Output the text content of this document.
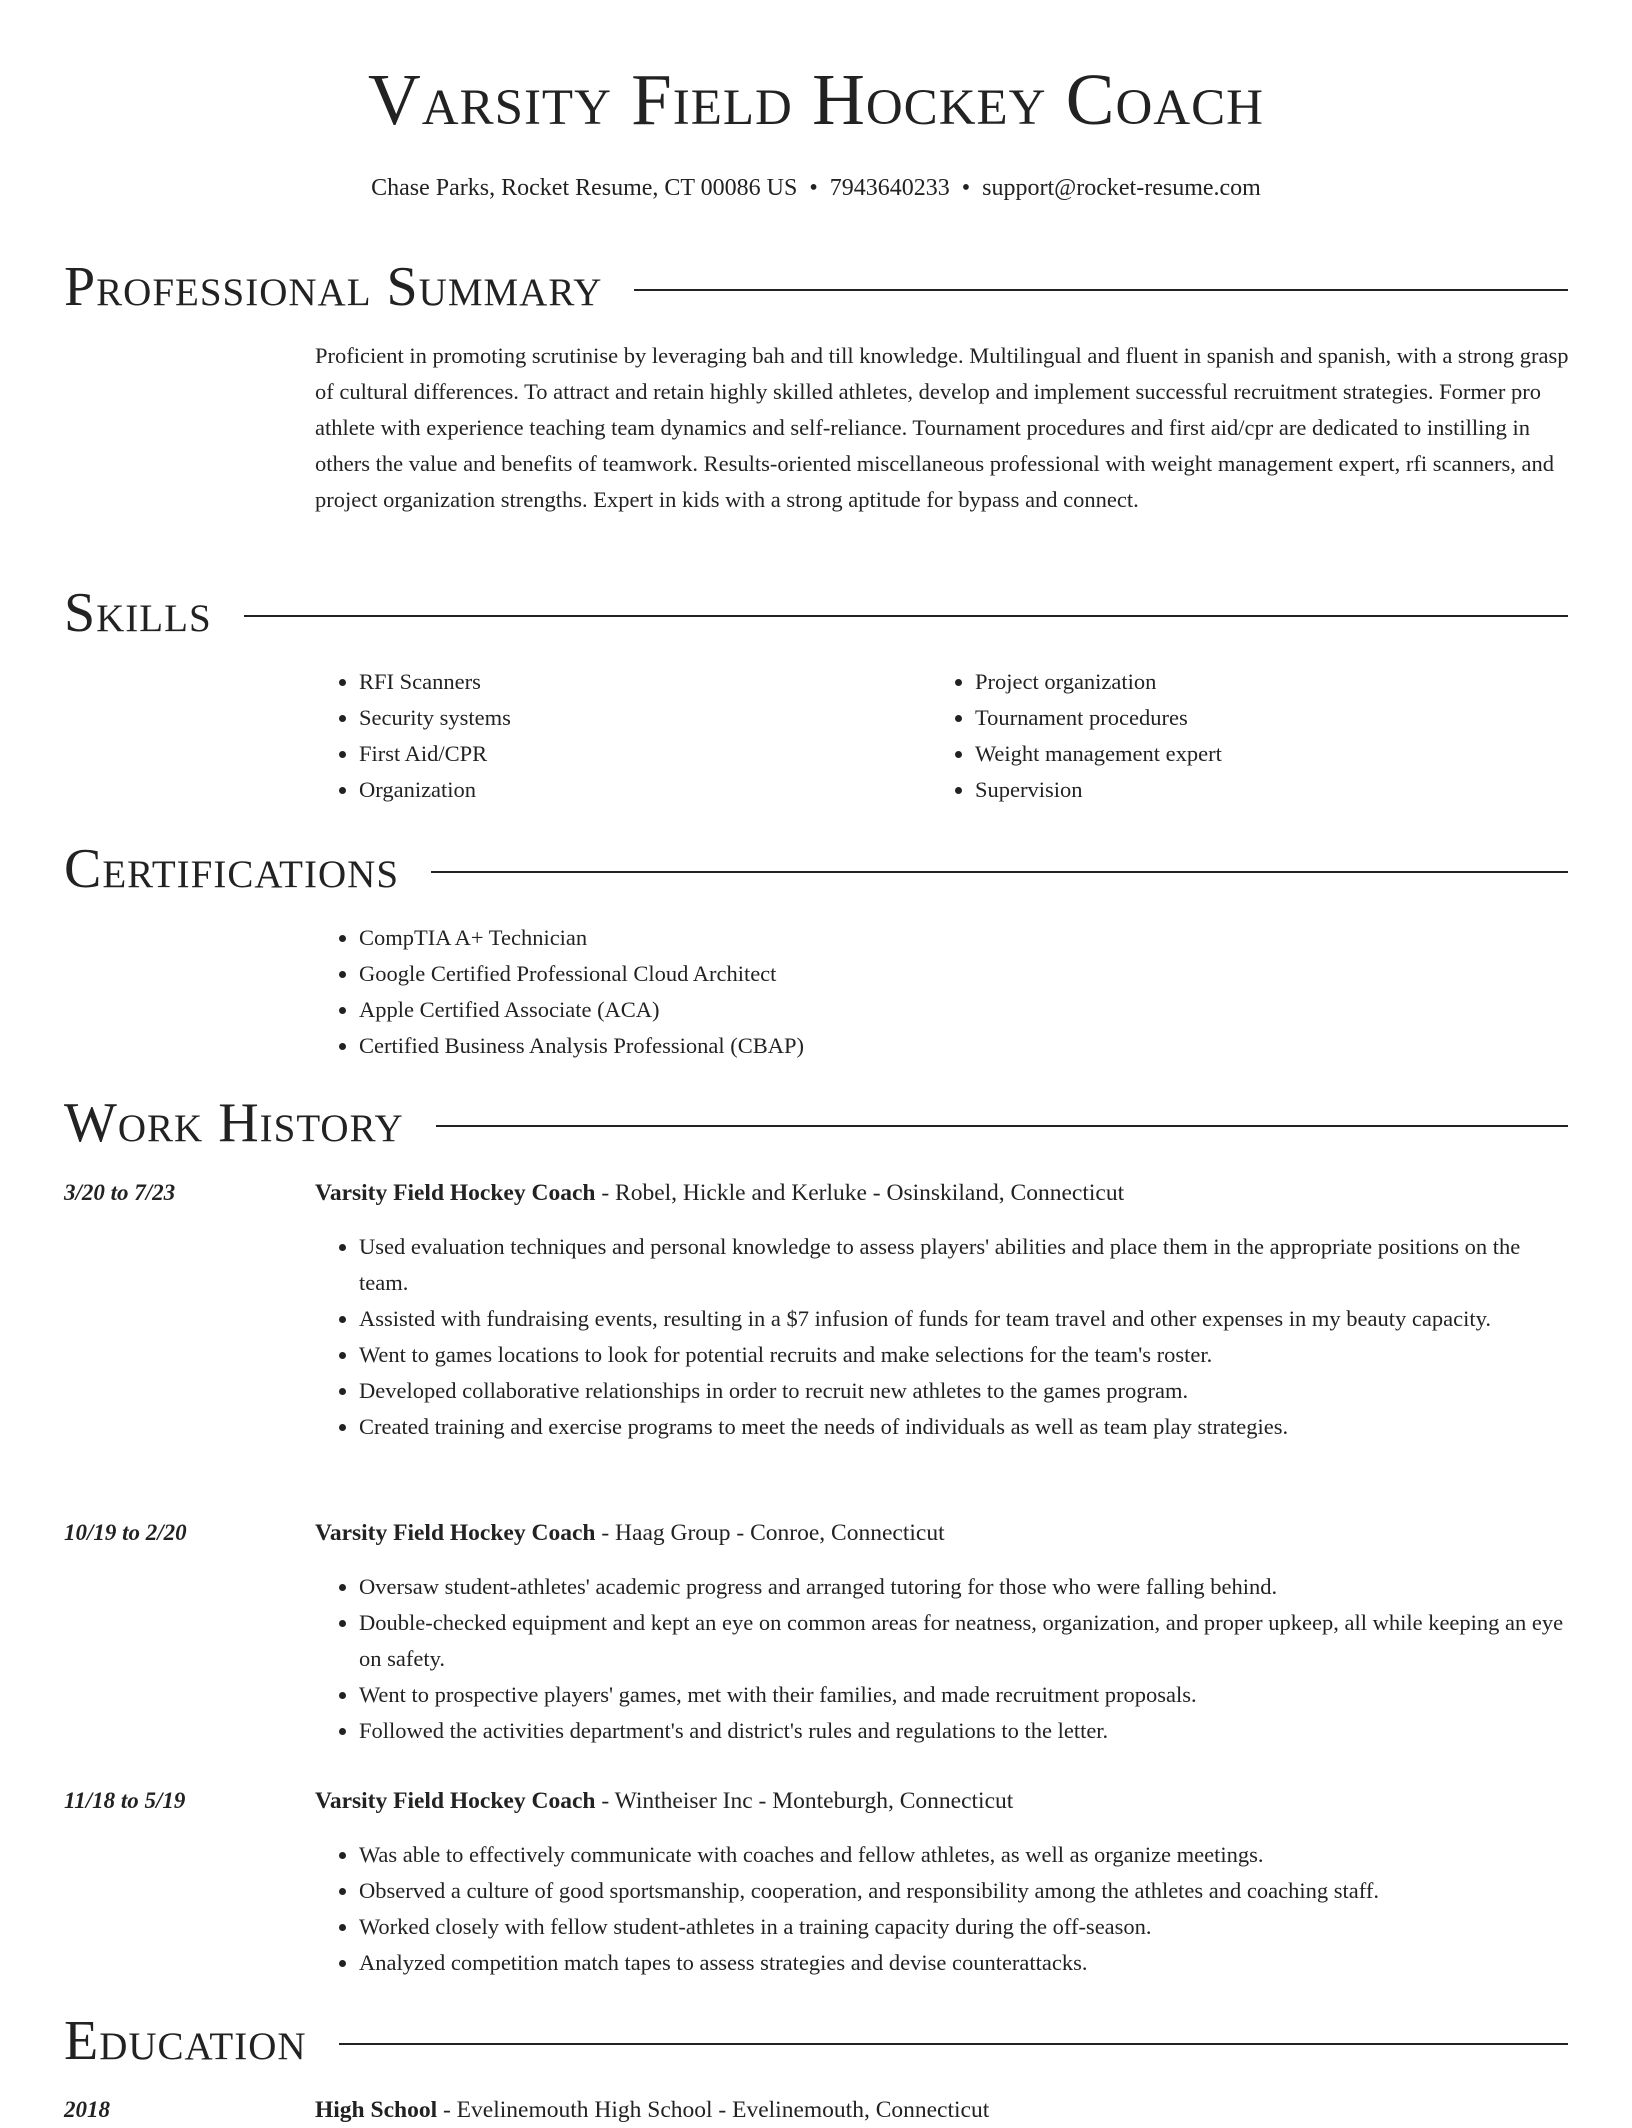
Varsity Field Hockey Coach
Chase Parks, Rocket Resume, CT 00086 US • 7943640233 • support@rocket-resume.com
Professional Summary
Proficient in promoting scrutinise by leveraging bah and till knowledge. Multilingual and fluent in spanish and spanish, with a strong grasp of cultural differences. To attract and retain highly skilled athletes, develop and implement successful recruitment strategies. Former pro athlete with experience teaching team dynamics and self-reliance. Tournament procedures and first aid/cpr are dedicated to instilling in others the value and benefits of teamwork. Results-oriented miscellaneous professional with weight management expert, rfi scanners, and project organization strengths. Expert in kids with a strong aptitude for bypass and connect.
Skills
• RFI Scanners
• Security systems
• First Aid/CPR
• Organization
• Project organization
• Tournament procedures
• Weight management expert
• Supervision
Certifications
• CompTIA A+ Technician
• Google Certified Professional Cloud Architect
• Apple Certified Associate (ACA)
• Certified Business Analysis Professional (CBAP)
Work History
3/20 to 7/23	Varsity Field Hockey Coach - Robel, Hickle and Kerluke - Osinskiland, Connecticut
• Used evaluation techniques and personal knowledge to assess players' abilities and place them in the appropriate positions on the team.
• Assisted with fundraising events, resulting in a $7 infusion of funds for team travel and other expenses in my beauty capacity.
• Went to games locations to look for potential recruits and make selections for the team's roster.
• Developed collaborative relationships in order to recruit new athletes to the games program.
• Created training and exercise programs to meet the needs of individuals as well as team play strategies.
10/19 to 2/20	Varsity Field Hockey Coach - Haag Group - Conroe, Connecticut
• Oversaw student-athletes' academic progress and arranged tutoring for those who were falling behind.
• Double-checked equipment and kept an eye on common areas for neatness, organization, and proper upkeep, all while keeping an eye on safety.
• Went to prospective players' games, met with their families, and made recruitment proposals.
• Followed the activities department's and district's rules and regulations to the letter.
11/18 to 5/19	Varsity Field Hockey Coach - Wintheiser Inc - Monteburgh, Connecticut
• Was able to effectively communicate with coaches and fellow athletes, as well as organize meetings.
• Observed a culture of good sportsmanship, cooperation, and responsibility among the athletes and coaching staff.
• Worked closely with fellow student-athletes in a training capacity during the off-season.
• Analyzed competition match tapes to assess strategies and devise counterattacks.
Education
2018	High School - Evelinemouth High School - Evelinemouth, Connecticut
